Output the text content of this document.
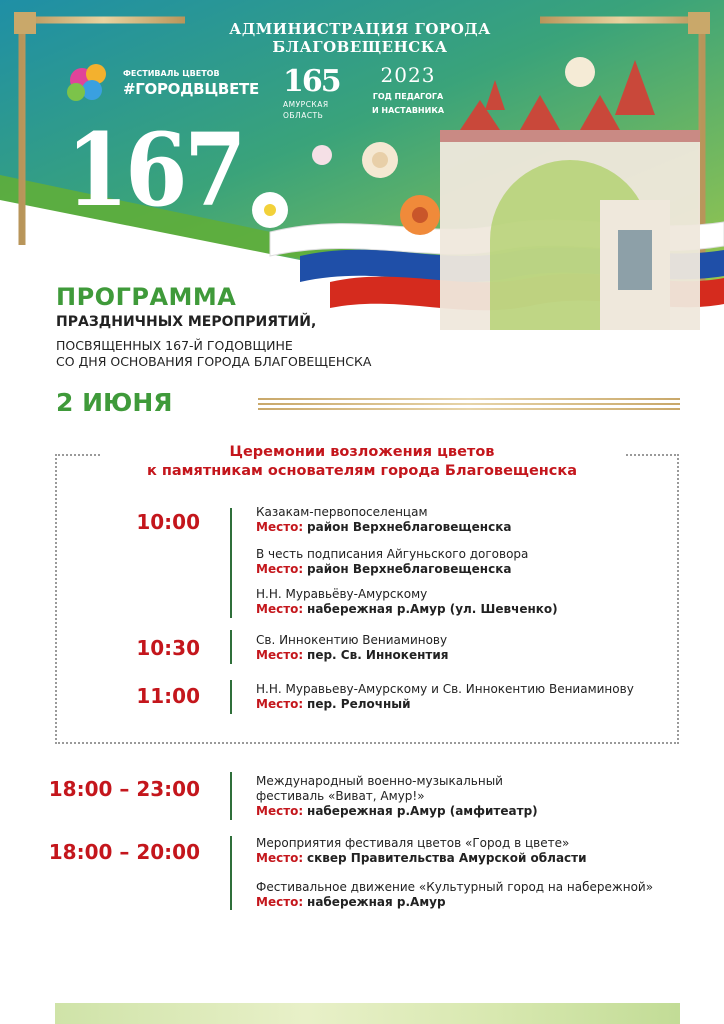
АДМИНИСТРАЦИЯ ГОРОДА БЛАГОВЕЩЕНСКА
ФЕСТИВАЛЬ ЦВЕТОВ
#ГОРОДВЦВЕТЕ 165
АМУРСКАЯ
ОБЛАСТЬ
2023
ГОД ПЕДАГОГА
И НАСТАВНИКА
167
ПРОГРАММА
ПРАЗДНИЧНЫХ МЕРОПРИЯТИЙ,
ПОСВЯЩЕННЫХ 167-Й ГОДОВЩИНЕ
СО ДНЯ ОСНОВАНИЯ ГОРОДА БЛАГОВЕЩЕНСКА
2 ИЮНЯ
Церемонии возложения цветов
к памятникам основателям города Благовещенска
10:00	Казакам-первопоселенцам
Место: район Верхнеблаговещенска
В честь подписания Айгуньского договора
Место: район Верхнеблаговещенска
Н.Н. Муравьёву-Амурскому
Место: набережная р.Амур (ул. Шевченко)
10:30	Св. Иннокентию Вениаминову
Место: пер. Св. Иннокентия
11:00	Н.Н. Муравьеву-Амурскому и Св. Иннокентию Вениаминову
Место: пер. Релочный
18:00 – 23:00	Международный военно-музыкальный
фестиваль «Виват, Амур!»
Место: набережная р.Амур (амфитеатр)
18:00 – 20:00	Мероприятия фестиваля цветов «Город в цвете»
Место: сквер Правительства Амурской области
Фестивальное движение «Культурный город на набережной»
Место: набережная р.Амур
